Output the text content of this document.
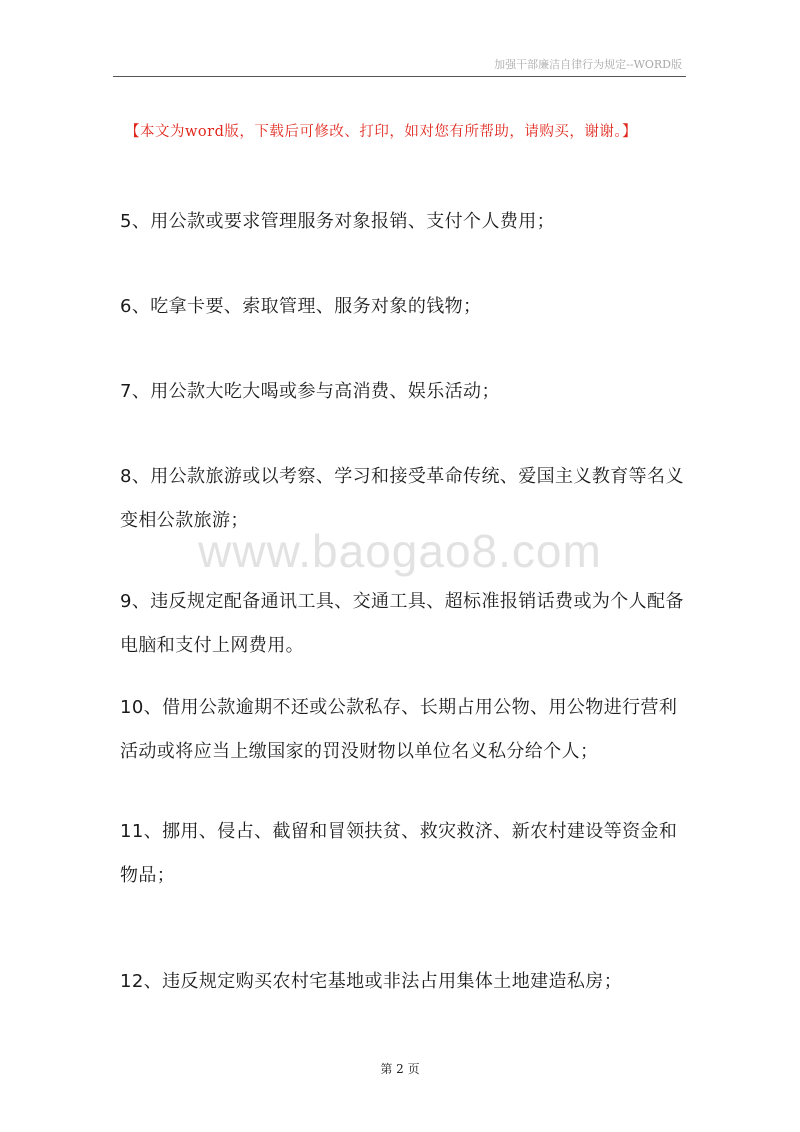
加强干部廉洁自律行为规定--WORD版
【本文为word版，下载后可修改、打印，如对您有所帮助，请购买，谢谢。】
5、用公款或要求管理服务对象报销、支付个人费用；
6、吃拿卡要、索取管理、服务对象的钱物；
7、用公款大吃大喝或参与高消费、娱乐活动；
8、用公款旅游或以考察、学习和接受革命传统、爱国主义教育等名义变相公款旅游；
www.baogao8.com
9、违反规定配备通讯工具、交通工具、超标准报销话费或为个人配备电脑和支付上网费用。
10、借用公款逾期不还或公款私存、长期占用公物、用公物进行营利活动或将应当上缴国家的罚没财物以单位名义私分给个人；
11、挪用、侵占、截留和冒领扶贫、救灾救济、新农村建设等资金和物品；
12、违反规定购买农村宅基地或非法占用集体土地建造私房；
第 2 页
